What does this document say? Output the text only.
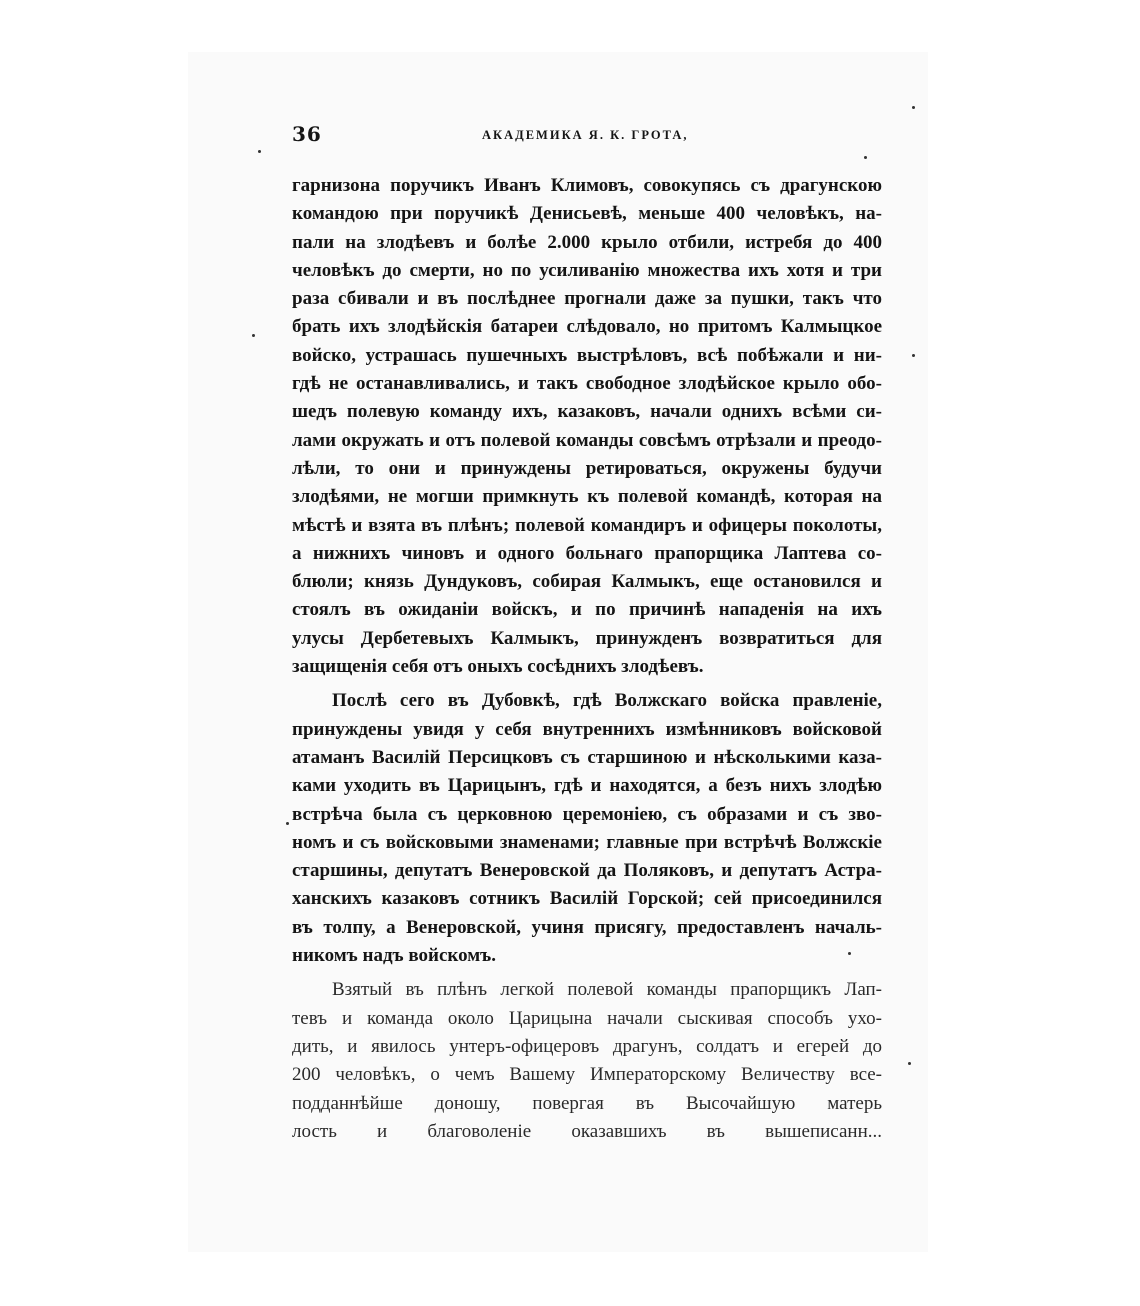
36	АКАДЕМИКА Я. К. ГРОТА,
гарнизона поручикъ Иванъ Климовъ, совокупясь съ драгунскою
командою при поручикѣ Денисьевѣ, меньше 400 человѣкъ, на-
пали на злодѣевъ и болѣе 2.000 крыло отбили, истребя до 400
человѣкъ до смерти, но по усиливанію множества ихъ хотя и три
раза сбивали и въ послѣднее прогнали даже за пушки, такъ что
брать ихъ злодѣйскія батареи слѣдовало, но притомъ Калмыцкое
войско, устрашась пушечныхъ выстрѣловъ, всѣ побѣжали и ни-
гдѣ не останавливались, и такъ свободное злодѣйское крыло обо-
шедъ полевую команду ихъ, казаковъ, начали однихъ всѣми си-
лами окружать и отъ полевой команды совсѣмъ отрѣзали и преодо-
лѣли, то они и принуждены ретироваться, окружены будучи
злодѣями, не могши примкнуть къ полевой командѣ, которая на
мѣстѣ и взята въ плѣнъ; полевой командиръ и офицеры поколоты,
а нижнихъ чиновъ и одного больнаго прапорщика Лаптева со-
блюли; князь Дундуковъ, собирая Калмыкъ, еще остановился и
стоялъ въ ожиданіи войскъ, и по причинѣ нападенія на ихъ
улусы Дербетевыхъ Калмыкъ, принужденъ возвратиться для
защищенія себя отъ оныхъ сосѣднихъ злодѣевъ.
Послѣ сего въ Дубовкѣ, гдѣ Волжскаго войска правленіе,
принуждены увидя у себя внутреннихъ измѣнниковъ войсковой
атаманъ Василій Персицковъ съ старшиною и нѣсколькими каза-
ками уходить въ Царицынъ, гдѣ и находятся, а безъ нихъ злодѣю
встрѣча была съ церковною церемоніею, съ образами и съ зво-
номъ и съ войсковыми знаменами; главные при встрѣчѣ Волжскіе
старшины, депутатъ Венеровской да Поляковъ, и депутатъ Астра-
ханскихъ казаковъ сотникъ Василій Горской; сей присоединился
въ толпу, а Венеровской, учиня присягу, предоставленъ началь-
никомъ надъ войскомъ.
Взятый въ плѣнъ легкой полевой команды прапорщикъ Лап-
тевъ и команда около Царицына начали сыскивая способъ ухо-
дить, и явилось унтеръ-офицеровъ драгунъ, солдатъ и егерей до
200 человѣкъ, о чемъ Вашему Императорскому Величеству все-
подданнѣйше доношу, повергая въ Высочайшую матерь
лость и благоволеніе оказавшихъ въ вышеписанн...
